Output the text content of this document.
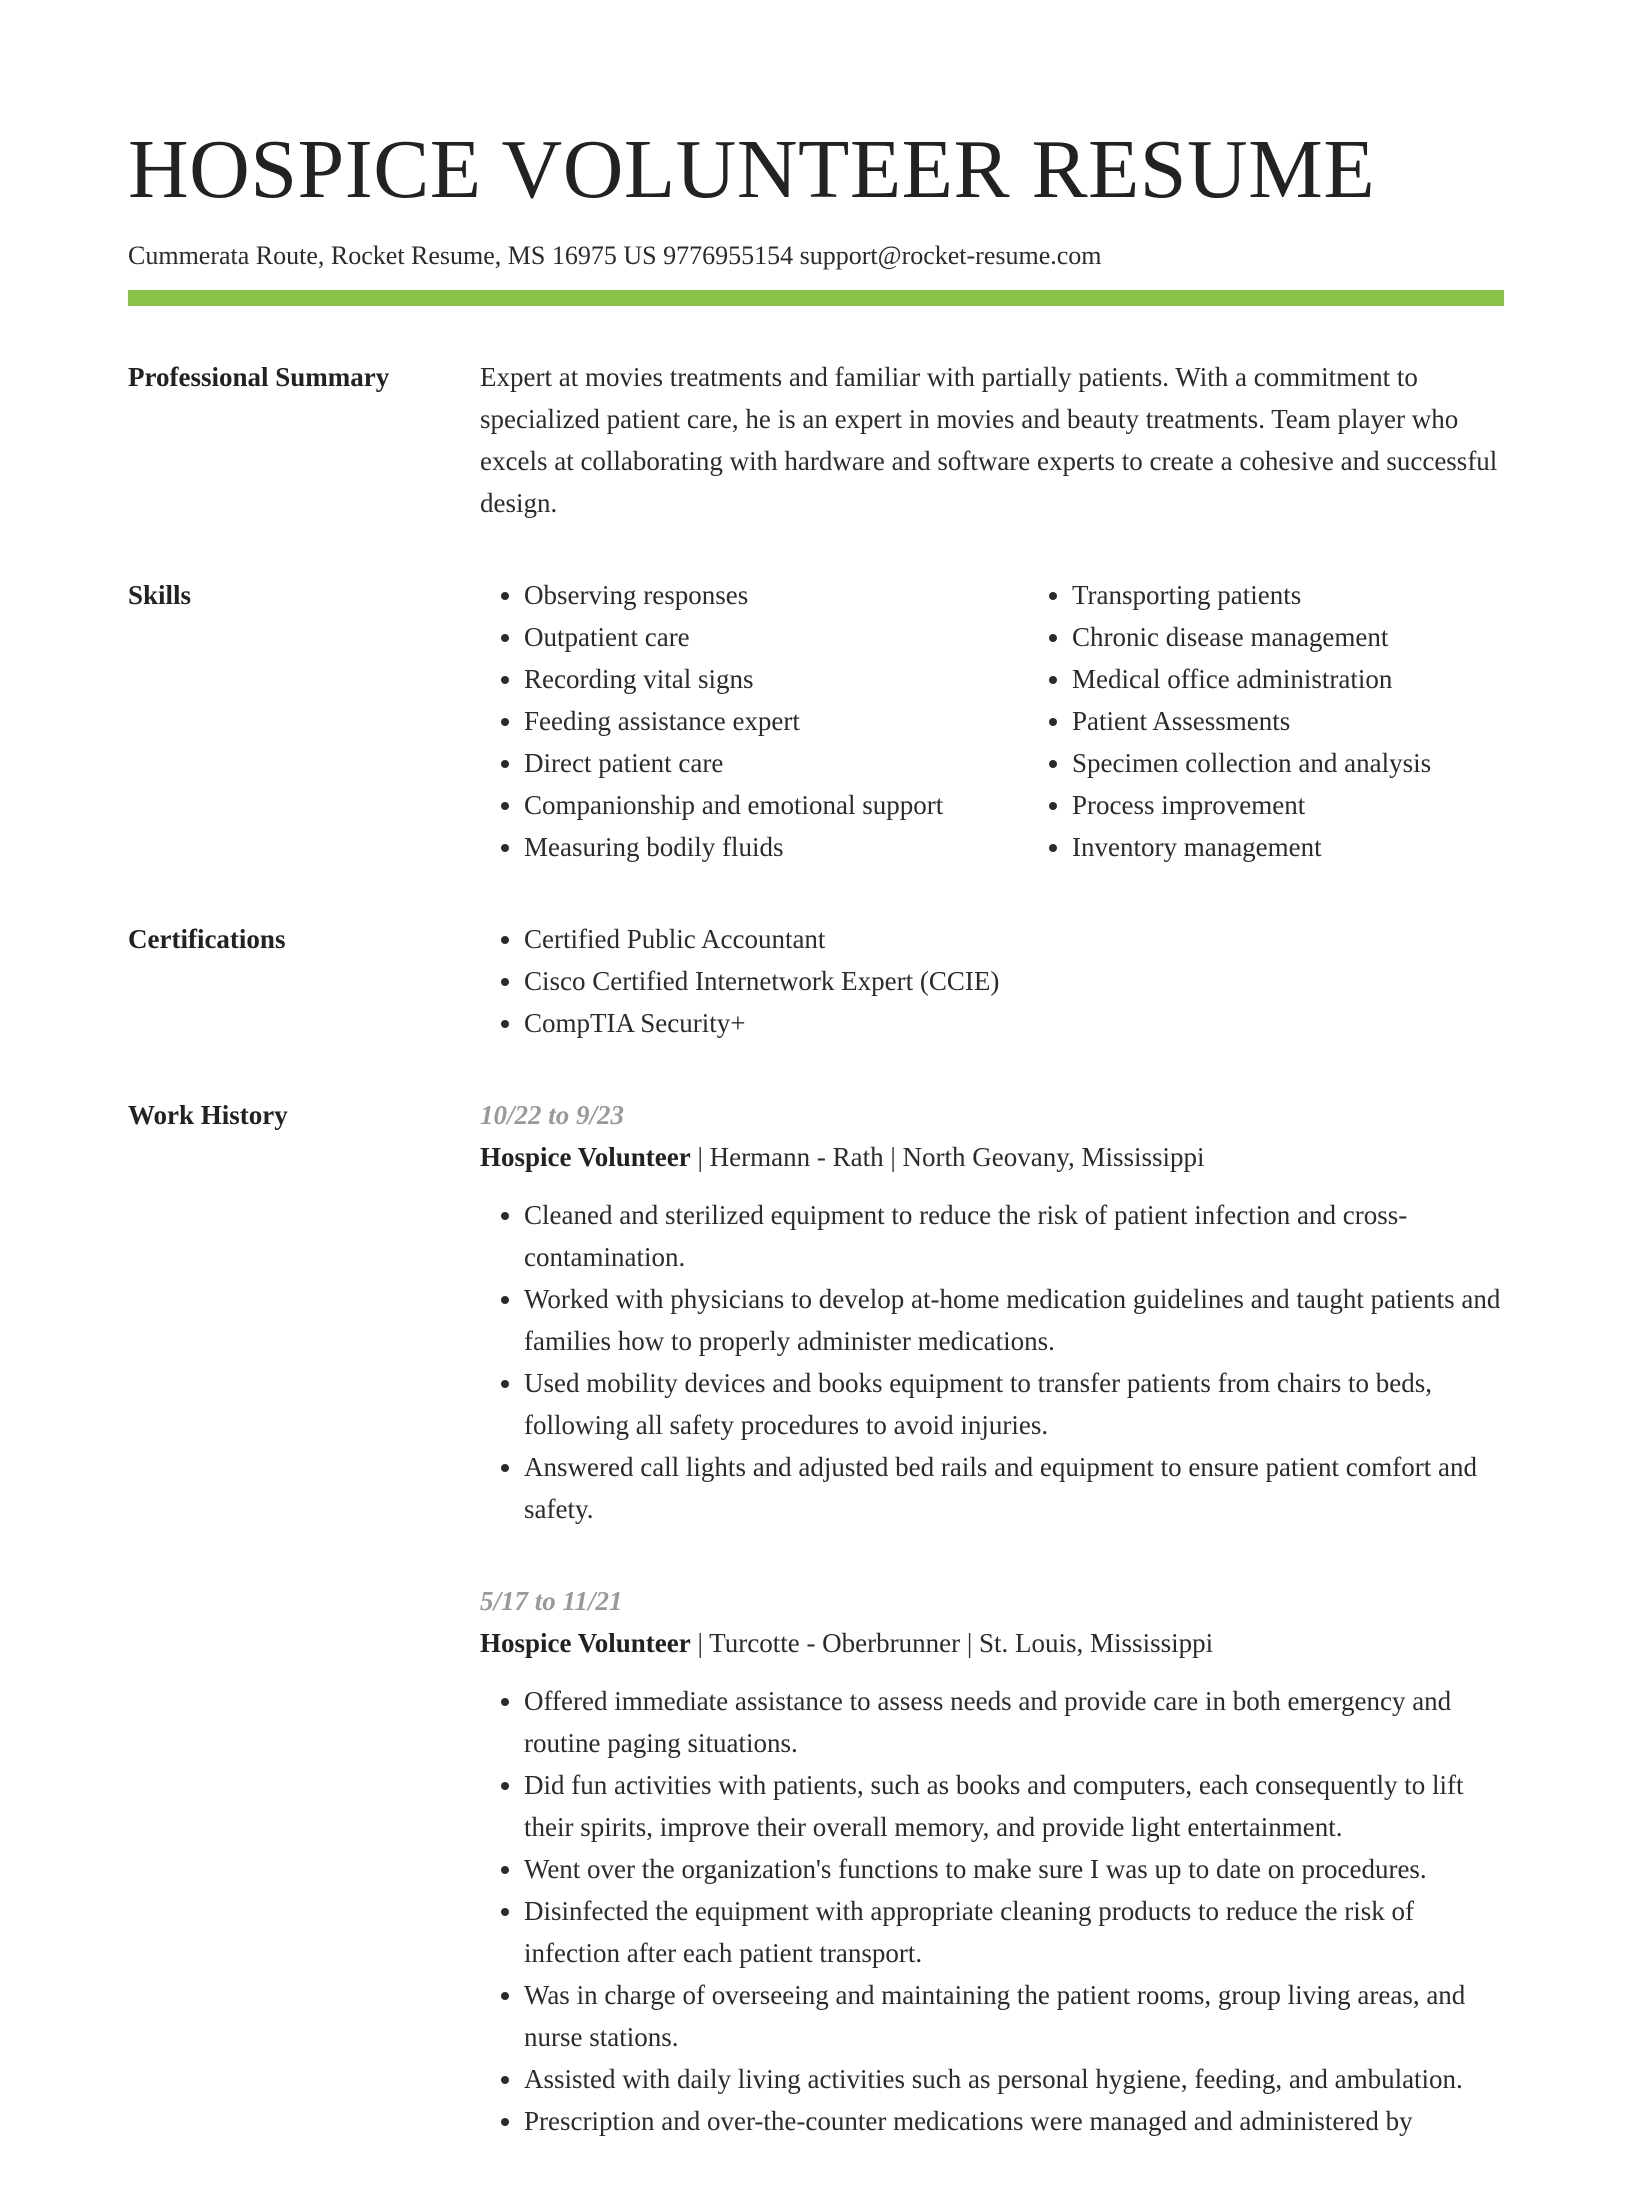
HOSPICE VOLUNTEER RESUME
Cummerata Route, Rocket Resume, MS 16975 US 9776955154 support@rocket-resume.com
Professional Summary	Expert at movies treatments and familiar with partially patients. With a commitment to specialized patient care, he is an expert in movies and beauty treatments. Team player who excels at collaborating with hardware and software experts to create a cohesive and successful design.

Skills	• Observing responses
• Outpatient care
• Recording vital signs
• Feeding assistance expert
• Direct patient care
• Companionship and emotional support
• Measuring bodily fluids
• Transporting patients
• Chronic disease management
• Medical office administration
• Patient Assessments
• Specimen collection and analysis
• Process improvement
• Inventory management
Certifications	• Certified Public Accountant
• Cisco Certified Internetwork Expert (CCIE)
• CompTIA Security+
Work History	10/22 to 9/23
Hospice Volunteer | Hermann - Rath | North Geovany, Mississippi
• Cleaned and sterilized equipment to reduce the risk of patient infection and cross-contamination.
• Worked with physicians to develop at-home medication guidelines and taught patients and families how to properly administer medications.
• Used mobility devices and books equipment to transfer patients from chairs to beds, following all safety procedures to avoid injuries.
• Answered call lights and adjusted bed rails and equipment to ensure patient comfort and safety.
5/17 to 11/21
Hospice Volunteer | Turcotte - Oberbrunner | St. Louis, Mississippi
• Offered immediate assistance to assess needs and provide care in both emergency and routine paging situations.
• Did fun activities with patients, such as books and computers, each consequently to lift their spirits, improve their overall memory, and provide light entertainment.
• Went over the organization's functions to make sure I was up to date on procedures.
• Disinfected the equipment with appropriate cleaning products to reduce the risk of infection after each patient transport.
• Was in charge of overseeing and maintaining the patient rooms, group living areas, and nurse stations.
• Assisted with daily living activities such as personal hygiene, feeding, and ambulation.
• Prescription and over-the-counter medications were managed and administered by
